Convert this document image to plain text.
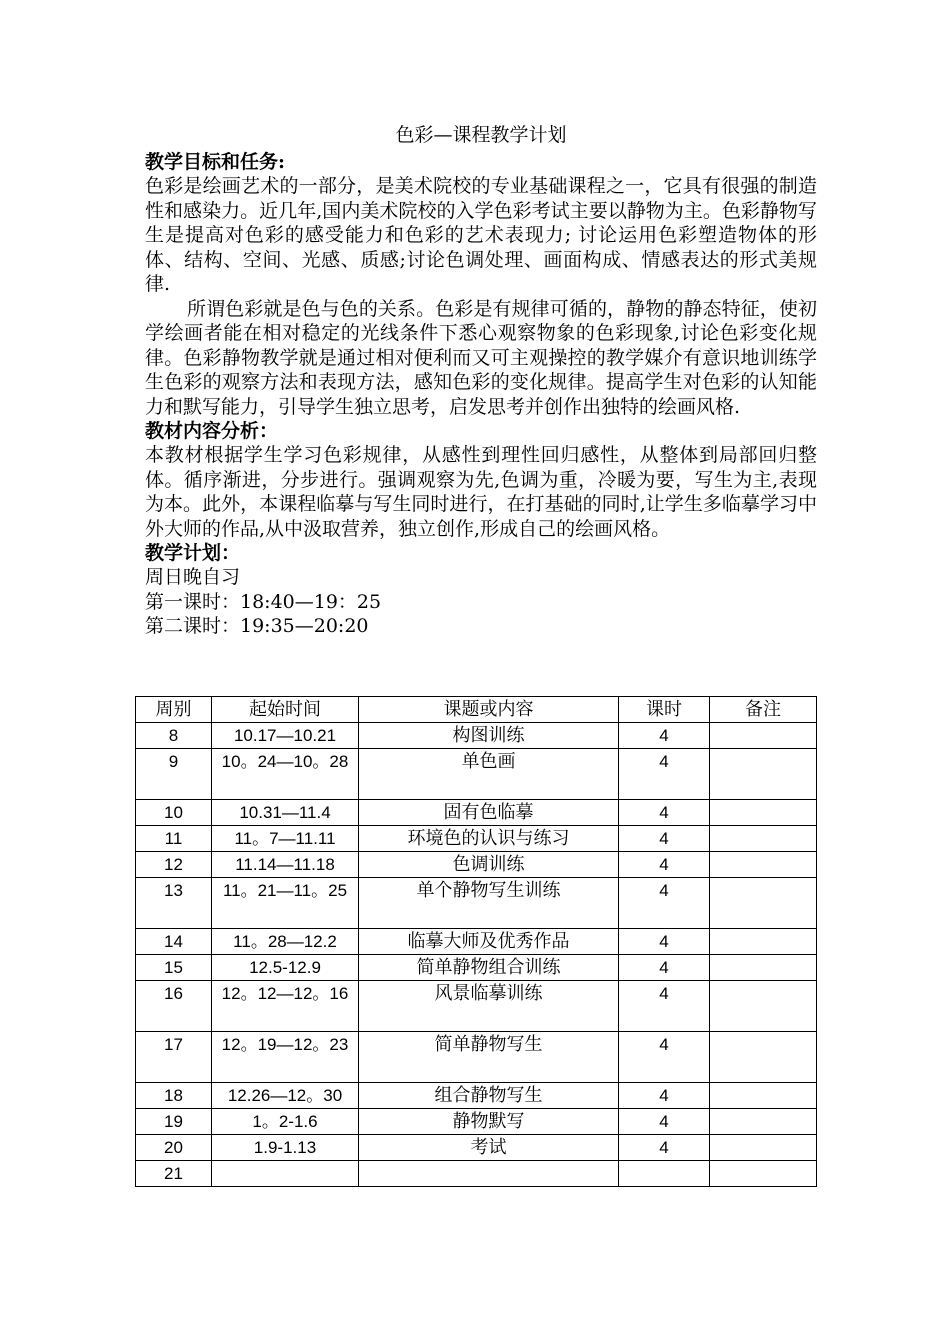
色彩—课程教学计划
教学目标和任务:

色彩是绘画艺术的一部分，是美术院校的专业基础课程之一，它具有很强的制造性和感染力。近几年,国内美术院校的入学色彩考试主要以静物为主。色彩静物写生是提高对色彩的感受能力和色彩的艺术表现力; 讨论运用色彩塑造物体的形体、结构、空间、光感、质感;讨论色调处理、画面构成、情感表达的形式美规律.

所谓色彩就是色与色的关系。色彩是有规律可循的，静物的静态特征，使初学绘画者能在相对稳定的光线条件下悉心观察物象的色彩现象,讨论色彩变化规律。色彩静物教学就是通过相对便利而又可主观操控的教学媒介有意识地训练学生色彩的观察方法和表现方法，感知色彩的变化规律。提高学生对色彩的认知能力和默写能力，引导学生独立思考，启发思考并创作出独特的绘画风格.

教材内容分析：

本教材根据学生学习色彩规律，从感性到理性回归感性，从整体到局部回归整体。循序渐进，分步进行。强调观察为先,色调为重，冷暖为要，写生为主,表现为本。此外，本课程临摹与写生同时进行，在打基础的同时,让学生多临摹学习中外大师的作品,从中汲取营养，独立创作,形成自己的绘画风格。

教学计划：
周日晚自习
第一课时：18:40—19：25
第二课时：19:35—20:20
周别	起始时间	课题或内容	课时	备注
8	10.17—10.21	构图训练	4	
9	10。24—10。28	单色画	4	
10	10.31—11.4	固有色临摹	4	
11	11。7—11.11	环境色的认识与练习	4	
12	11.14—11.18	色调训练	4	
13	11。21—11。25	单个静物写生训练	4	
14	11。28—12.2	临摹大师及优秀作品	4	
15	12.5-12.9	简单静物组合训练	4	
16	12。12—12。16	风景临摹训练	4	
17	12。19—12。23	简单静物写生	4	
18	12.26—12。30	组合静物写生	4	
19	1。2-1.6	静物默写	4	
20	1.9-1.13	考试	4	
21				
